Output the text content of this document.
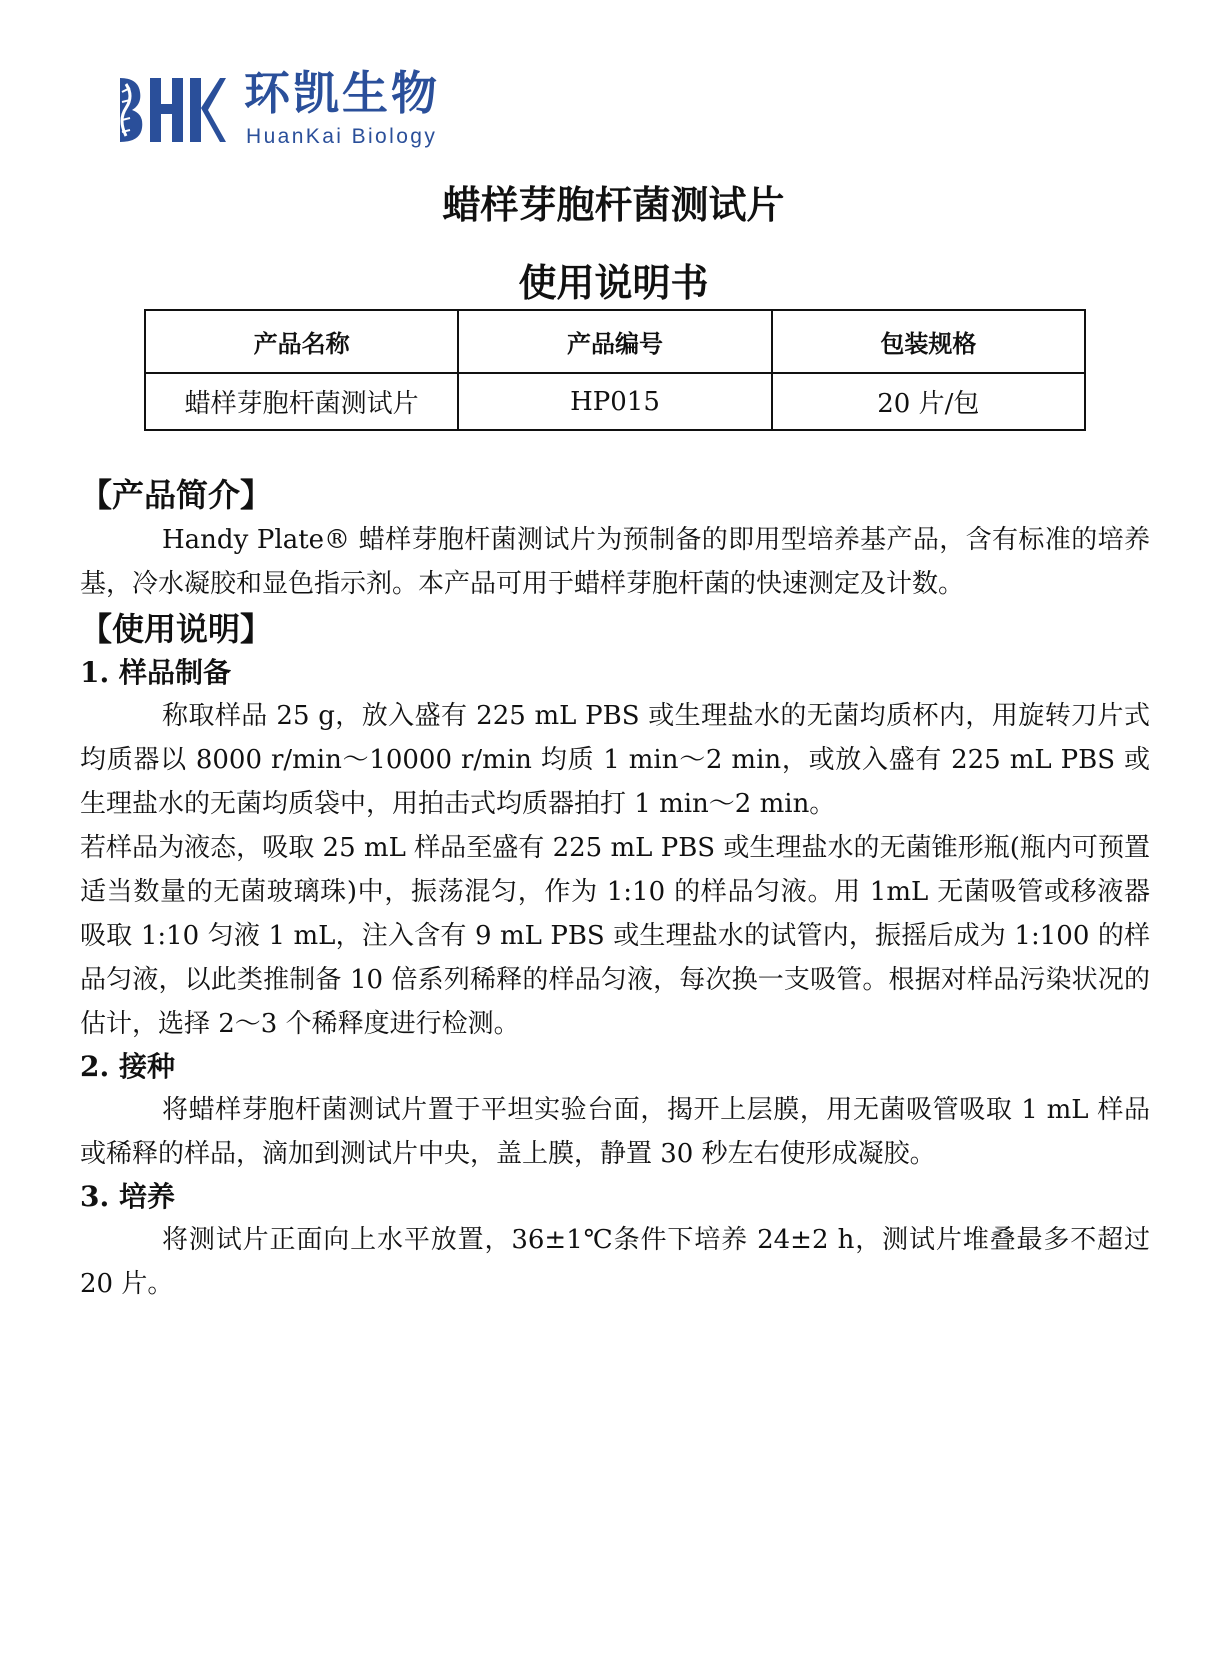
环凯生物
HuanKai Biology
蜡样芽胞杆菌测试片
使用说明书
产品名称	产品编号	包装规格
蜡样芽胞杆菌测试片	HP015	20 片/包
【产品简介】

Handy Plate® 蜡样芽胞杆菌测试片为预制备的即用型培养基产品，含有标准的培养基，冷水凝胶和显色指示剂。本产品可用于蜡样芽胞杆菌的快速测定及计数。

【使用说明】
1. 样品制备

称取样品 25 g，放入盛有 225 mL PBS 或生理盐水的无菌均质杯内，用旋转刀片式均质器以 8000 r/min～10000 r/min 均质 1 min～2 min，或放入盛有 225 mL PBS 或生理盐水的无菌均质袋中，用拍击式均质器拍打 1 min～2 min。

若样品为液态，吸取 25 mL 样品至盛有 225 mL PBS 或生理盐水的无菌锥形瓶(瓶内可预置适当数量的无菌玻璃珠)中，振荡混匀，作为 1:10 的样品匀液。用 1mL 无菌吸管或移液器吸取 1:10 匀液 1 mL，注入含有 9 mL PBS 或生理盐水的试管内，振摇后成为 1:100 的样品匀液，以此类推制备 10 倍系列稀释的样品匀液，每次换一支吸管。根据对样品污染状况的估计，选择 2～3 个稀释度进行检测。

2. 接种

将蜡样芽胞杆菌测试片置于平坦实验台面，揭开上层膜，用无菌吸管吸取 1 mL 样品或稀释的样品，滴加到测试片中央，盖上膜，静置 30 秒左右使形成凝胶。

3. 培养

将测试片正面向上水平放置，36±1℃条件下培养 24±2 h，测试片堆叠最多不超过 20 片。
